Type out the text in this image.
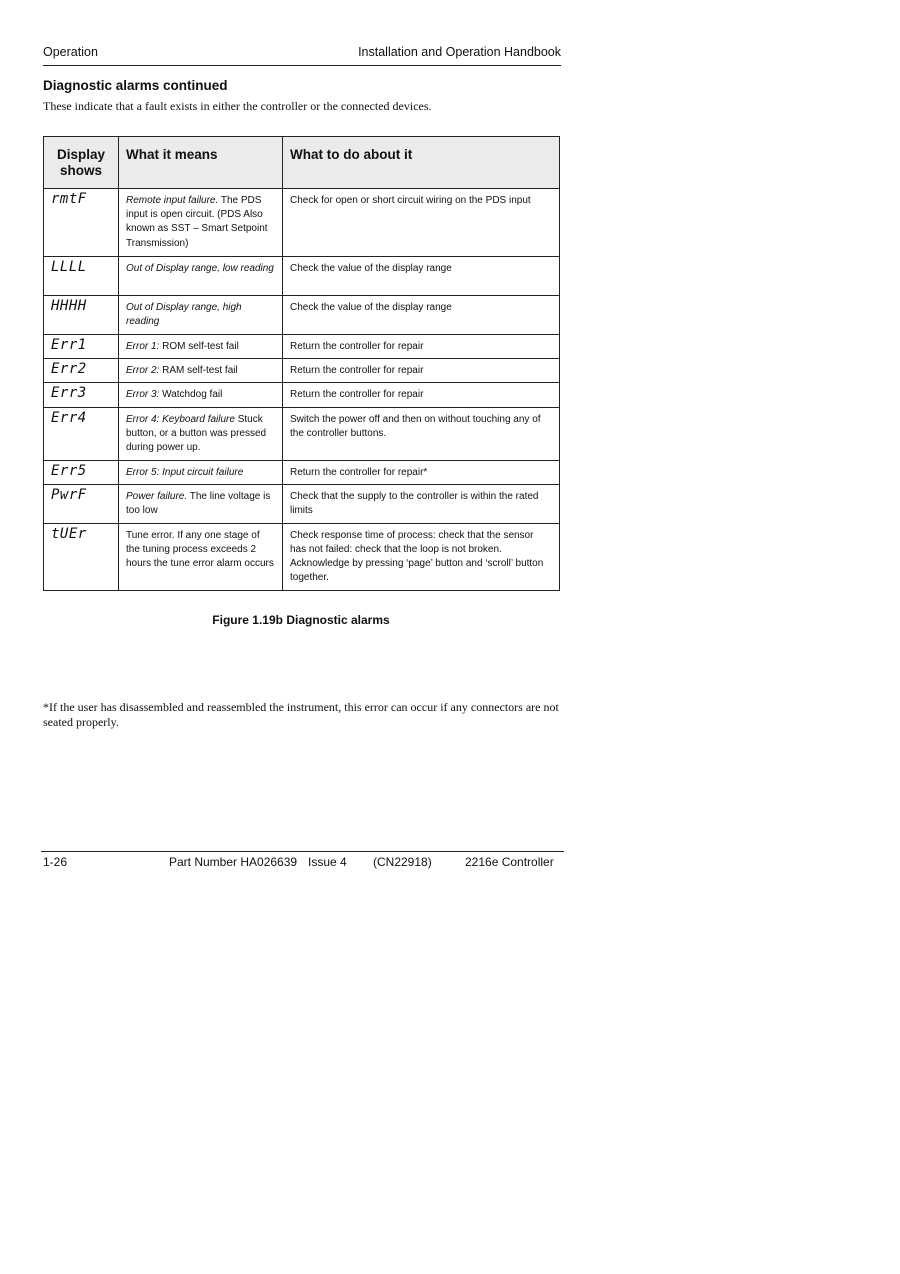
Operation	Installation and Operation Handbook
Diagnostic alarms continued
These indicate that a fault exists in either the controller or the connected devices.
Display shows	What it means	What to do about it
rmtF	Remote input failure. The PDS input is open circuit. (PDS Also known as SST – Smart Setpoint Transmission)	Check for open or short circuit wiring on the PDS input
LLLL	Out of Display range, low reading	Check the value of the display range
HHHH	Out of Display range, high reading	Check the value of the display range
Err1	Error 1: ROM self-test fail	Return the controller for repair
Err2	Error 2: RAM self-test fail	Return the controller for repair
Err3	Error 3: Watchdog fail	Return the controller for repair
Err4	Error 4: Keyboard failure Stuck button, or a button was pressed during power up.	Switch the power off and then on without touching any of the controller buttons.
Err5	Error 5: Input circuit failure	Return the controller for repair*
PwrF	Power failure. The line voltage is too low	Check that the supply to the controller is within the rated limits
tUEr	Tune error. If any one stage of the tuning process exceeds 2 hours the tune error alarm occurs	Check response time of process: check that the sensor has not failed: check that the loop is not broken. Acknowledge by pressing ‘page’ button and ‘scroll’ button together.
Figure 1.19b Diagnostic alarms
*If the user has disassembled and reassembled the instrument, this error can occur if any connectors are not seated properly.
1-26	Part Number HA026639 Issue 4 (CN22918)	2216e Controller
